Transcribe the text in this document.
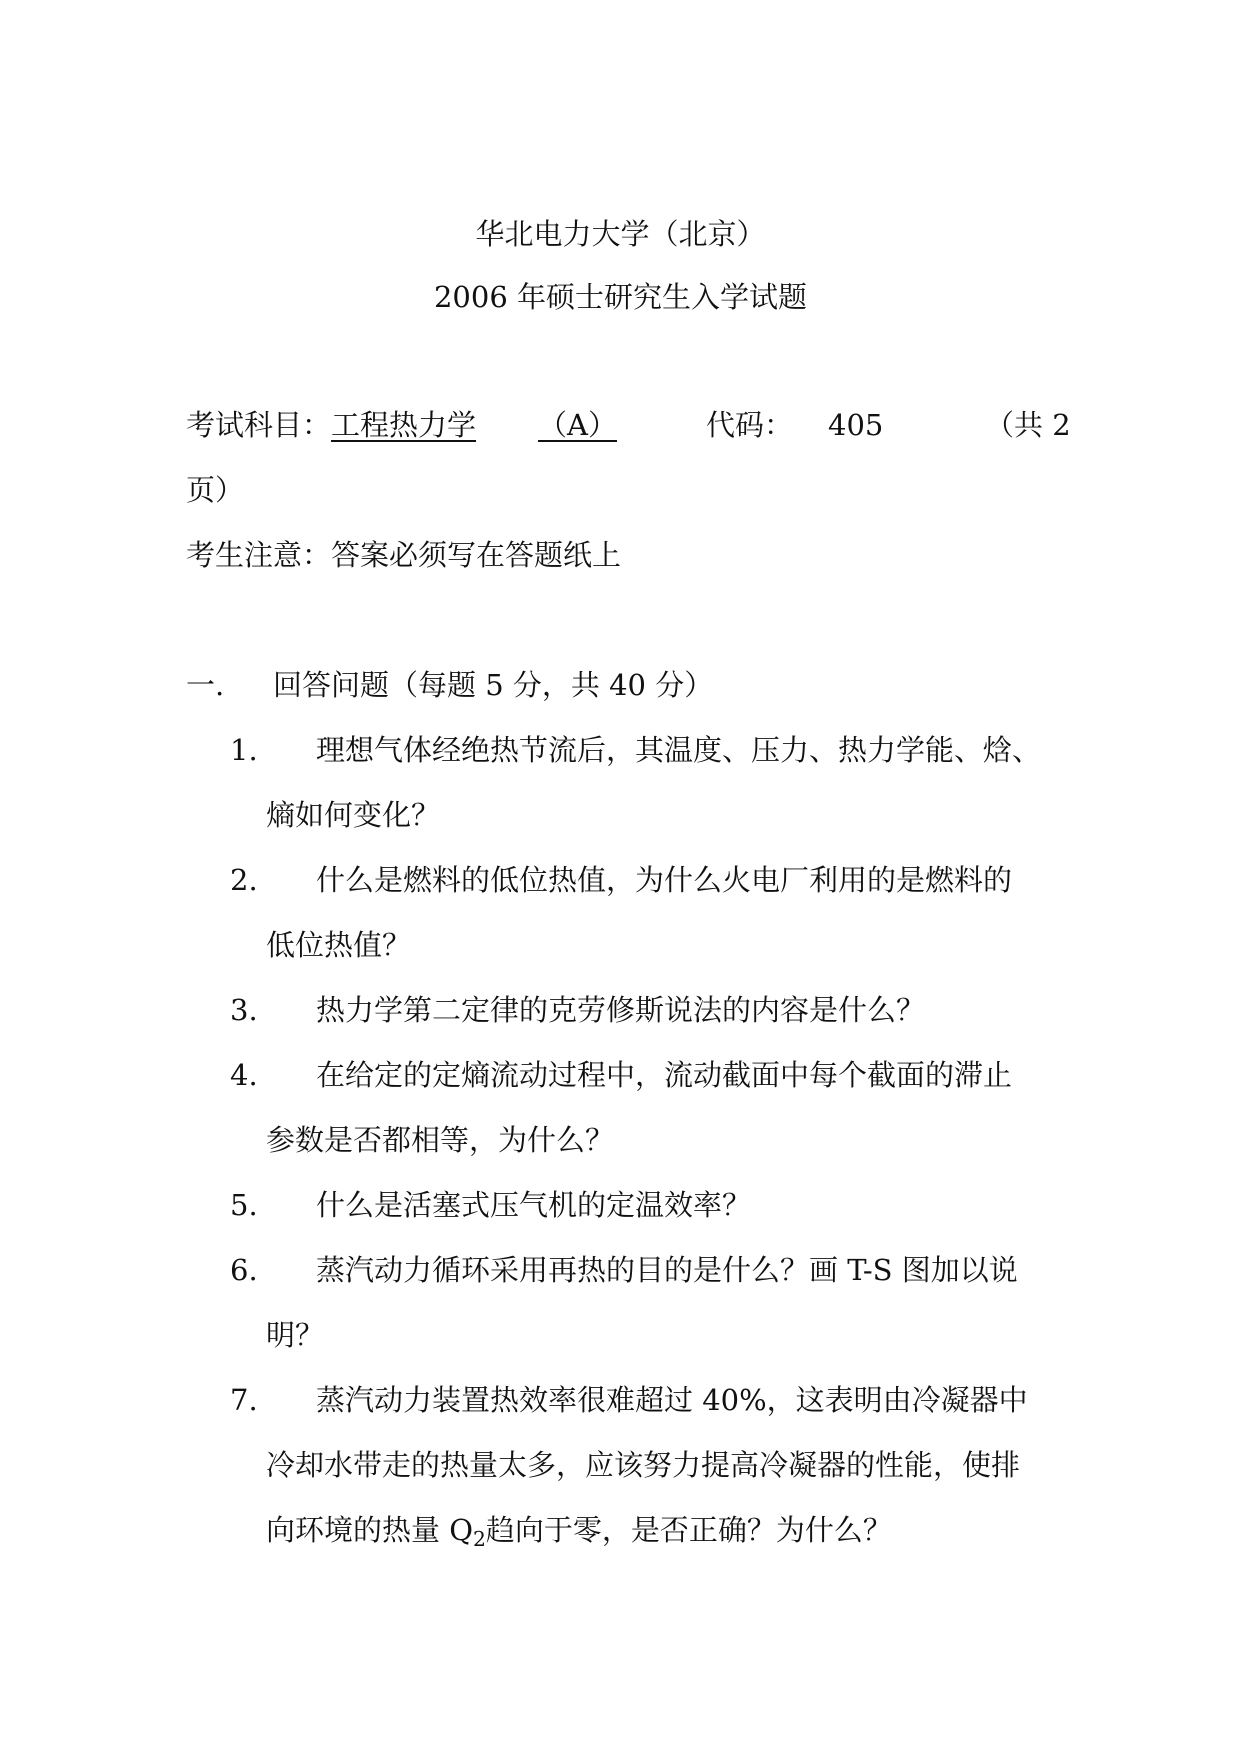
华北电力大学（北京）
2006 年硕士研究生入学试题
考试科目：工程热力学 （A）	代码： 405	（共 2
页）
考生注意：答案必须写在答题纸上
一. 回答问题（每题 5 分，共 40 分）
1. 理想气体经绝热节流后，其温度、压力、热力学能、焓、
熵如何变化？
2. 什么是燃料的低位热值，为什么火电厂利用的是燃料的
低位热值？
3. 热力学第二定律的克劳修斯说法的内容是什么？
4. 在给定的定熵流动过程中，流动截面中每个截面的滞止
参数是否都相等，为什么？
5. 什么是活塞式压气机的定温效率？
6. 蒸汽动力循环采用再热的目的是什么？画 T-S 图加以说
明？
7. 蒸汽动力装置热效率很难超过 40%，这表明由冷凝器中
冷却水带走的热量太多，应该努力提高冷凝器的性能，使排
向环境的热量 $Q_2$趋向于零，是否正确？为什么？
